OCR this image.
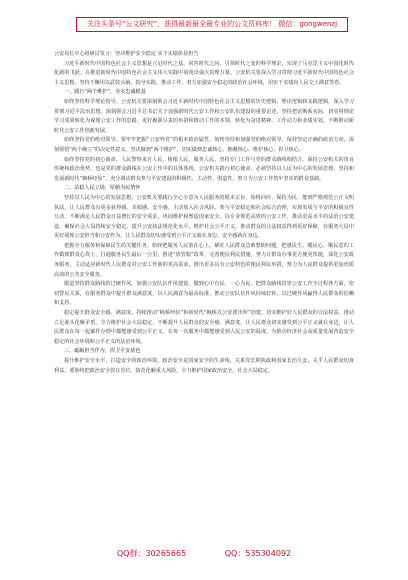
关注头条号“公文研究”，获得最新最全最专业的公文资料库！ 微信：gongwenzj

公安局长中心组研讨发言：坚决维护安全稳定 实干实绩彰显担当

习近平新时代中国特色社会主义思想是立足时代之基、回答时代之问，引领时代之变的科学理论，实现了马克思主义中国化时代化新的飞跃。在推进新时代中国特色社会主义伟大实践中展现出强大真理力量。公安机关要深入学习贯彻习近平新时代中国特色社会主义思想，坚持不懈用以武装头脑、指导实践、推动工作，着力加强安全稳定的政治社会环境，用实干实绩向人民交上满意答卷。

一、践行“两个维护”，夯实忠诚根基

始终坚持科学理论指导。公安机关要深刻领会习近平新时代中国特色社会主义思想的历史逻辑、理论逻辑和实践逻辑，深入学习贯彻习近平法治思想。深刻领会习近平总书记关于加强新时代公安工作和公安队伍建设的重要论述，坚持把论断系实际，切实将理论学习成果转化为谋划公安工作的思路、更好履职尽责的举措和推动工作的本领，转化为奋进精神、工作动力和业绩实效，不断推动新时代公安工作创新发展。

始终坚持党的绝对领导。要牢牢把握“公安姓党”的根本政治属性，始终坚持和加强党的绝对领导，保持坚定正确的政治方向。深刻领悟“两个确立”的决定性意义，坚决做到“两个维护”，切实做到忠诚核心、拥戴核心、维护核心、捍卫核心。

始终坚持党的初心使命。人民警察来自人民，植根人民，服务人民。坚持专门工作与党的群众路线相结合，保持公安机关的优良传统和政治优势，也是党的群众路线在公安工作中的具体体现。公安机关践行初心使命，必须坚持以人民为中心的发展思想，坚持和发展新时代“枫桥经验”，充分调动群众参与平安建设的积极性、主动性、创造性，努力为公安工作筑牢坚实的群众基础。

二、站稳人民立场，厚植为民情怀

坚持以人民为中心的发展思想。公安机关要践行全心全意为人民服务的根本宗旨，始终回应、保持为民、能到严格规范公正文明执法，让人民群众有更多获得感、幸福感、安全感。主动加入社会风险、参与平安稳定和社会综合治理，实现发展与平安的积极良性互动，不断满足人民群众日益增长的安全需求，巩固维护和塑造国家安全。以专业规范高效的公安工作，推动更高水平的法治公安建设，确保社会大局持续安全稳定。提升公安执法规范化水平，维护社会公平正义，推动群众的合法权益得到更好保障，在服务大局中更好展现公安担当和公安作为，让人民群众切实感受到公平正义就在身边、安全感就在身边。

把握全力服务和保障民生的关键任务。始终把服务人民放在心上，紧盯人民群众急难愁盼问题，把惠民生、暖民心、顺民意的工作做到群众心坎上，打通服务民生最后一公里。推进“放管服”改革，完善便民利民措施，努力让群众办事更方便更快捷，深化公安政务服务，主动适应新时代人民群众对公安工作新的更高需求，推出更多具有公安特色的便民利民举措，努力为人民群众提供更加优质高效的公共安全服务。

锻造坚持群众路线的过硬作风。加强公安队伍作风建设，做到心中有民、一心为民，把群众路线贯穿公安工作全过程各方面，密切警民关系，在服务群众中提升群众满意度，以人民满意为最高标准，推动公安队伍作风持续好转，以过硬作风赢得人民群众的信赖和支持。

稳定提升群众安全感、满意度。持续推动“枫桥经验”和新时代“枫桥式公安派出所”创建，切实维护好人民群众的合法权益。推动立足源头化解矛盾，全力维护社会大局稳定，不断提升人民群众的安全感、满意度，让人民群众切实感受到公平正义就在身边，让人民群众在每一起案件办理中都能感受到公平正义，在每一次服务中都能感受到人民公安的温度，为推动经济社会高质量发展营造安全稳定的社会环境和公平正义的法治环境。

三、砥砺担当作为，捍卫平安底色

提升维护安全水平，打造安全的政治环境。政治安全是国家安全的生命线，关系党长期执政和国家长治久安，关乎人民群众切身利益。要始终把政治安全放在首位，防范化解重大风险，全力维护国家政治安全、社会大局稳定。

QQ群：30265665	QQ：535304092
